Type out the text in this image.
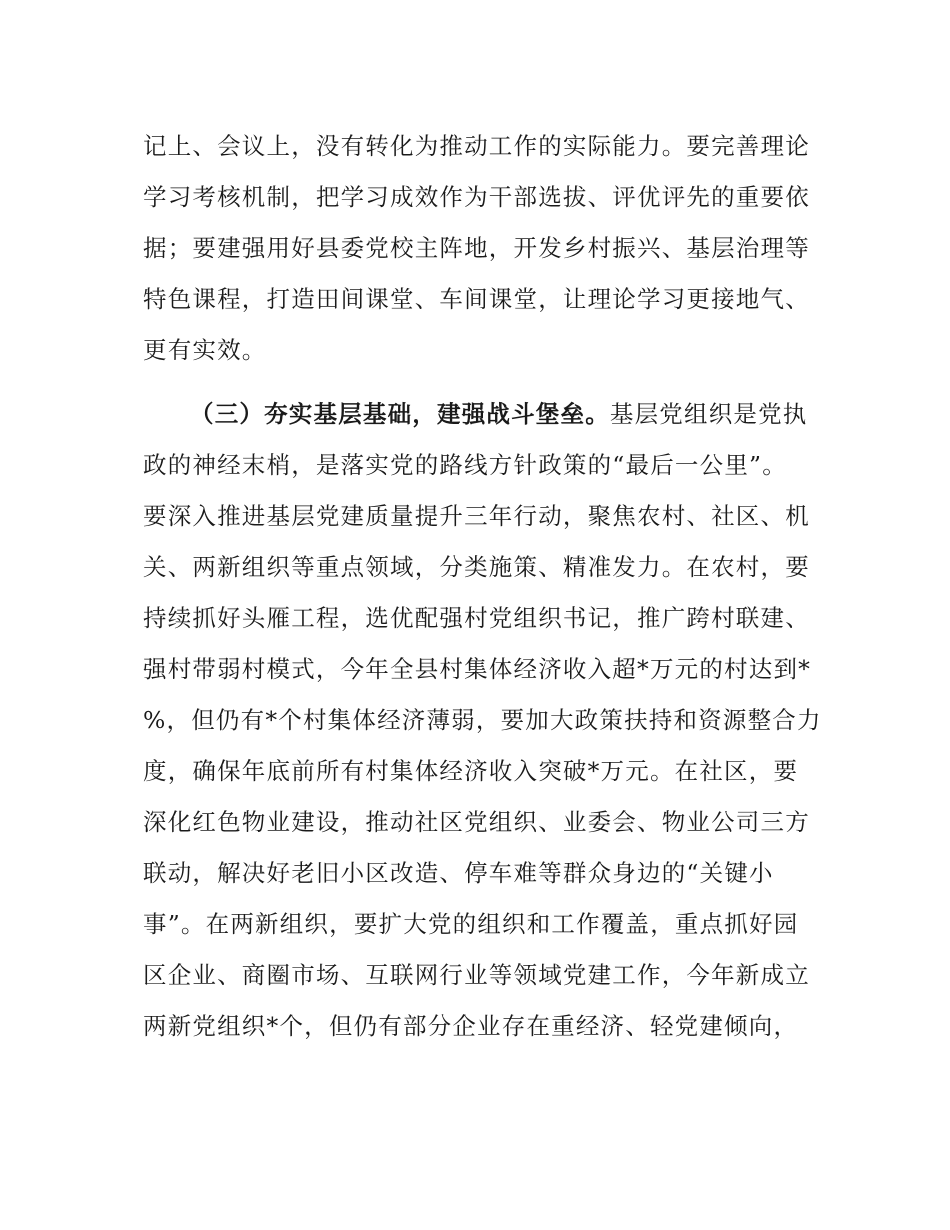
记上、会议上，没有转化为推动工作的实际能力。要完善理论
学习考核机制，把学习成效作为干部选拔、评优评先的重要依
据；要建强用好县委党校主阵地，开发乡村振兴、基层治理等
特色课程，打造田间课堂、车间课堂，让理论学习更接地气、
更有实效。
（三）夯实基层基础，建强战斗堡垒。基层党组织是党执
政的神经末梢，是落实党的路线方针政策的“最后一公里”。
要深入推进基层党建质量提升三年行动，聚焦农村、社区、机
关、两新组织等重点领域，分类施策、精准发力。在农村，要
持续抓好头雁工程，选优配强村党组织书记，推广跨村联建、
强村带弱村模式，今年全县村集体经济收入超*万元的村达到*
%，但仍有*个村集体经济薄弱，要加大政策扶持和资源整合力
度，确保年底前所有村集体经济收入突破*万元。在社区，要
深化红色物业建设，推动社区党组织、业委会、物业公司三方
联动，解决好老旧小区改造、停车难等群众身边的“关键小
事”。在两新组织，要扩大党的组织和工作覆盖，重点抓好园
区企业、商圈市场、互联网行业等领域党建工作，今年新成立
两新党组织*个，但仍有部分企业存在重经济、轻党建倾向，
